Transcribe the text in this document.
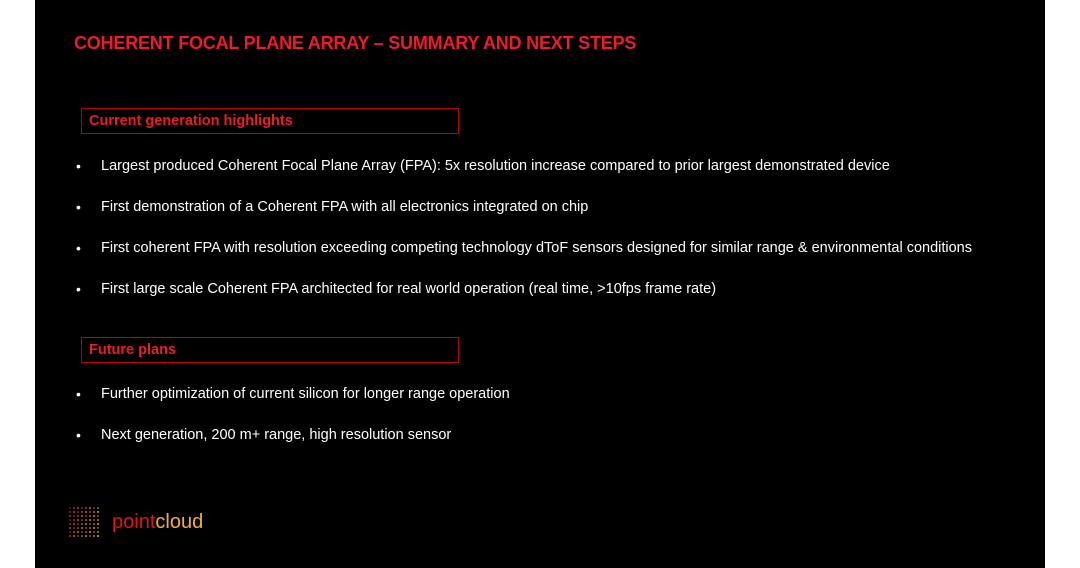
COHERENT FOCAL PLANE ARRAY – SUMMARY AND NEXT STEPS
Current generation highlights
• Largest produced Coherent Focal Plane Array (FPA): 5x resolution increase compared to prior largest demonstrated device
• First demonstration of a Coherent FPA with all electronics integrated on chip
• First coherent FPA with resolution exceeding competing technology dToF sensors designed for similar range & environmental conditions
• First large scale Coherent FPA architected for real world operation (real time, >10fps frame rate)
Future plans
• Further optimization of current silicon for longer range operation
• Next generation, 200 m+ range, high resolution sensor
pointcloud
